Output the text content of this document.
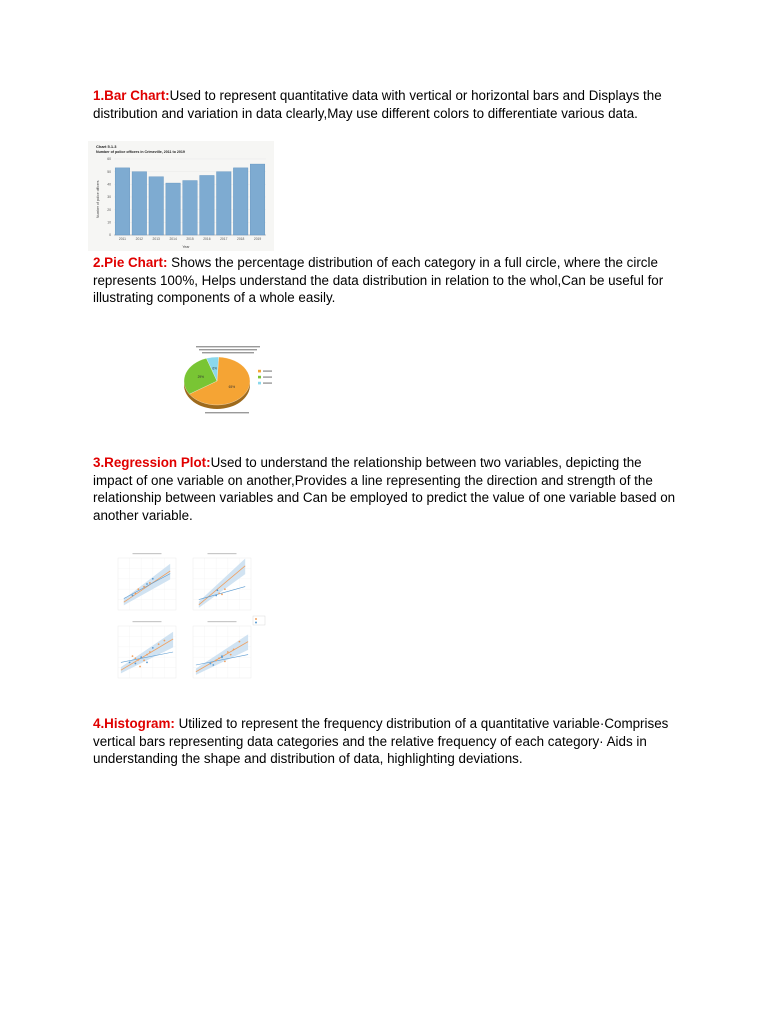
1.Bar Chart:Used to represent quantitative data with vertical or horizontal bars and Displays the distribution and variation in data clearly,May use different colors to differentiate various data.
Chart 5.1.3
Number of police officers in Crimeville, 2011 to 2019
Number of police officers
0
10
20
30
40
50
60
2011	2012	2013	2014	2015	2016	2017	2018	2019
Year
2.Pie Chart: Shows the percentage distribution of each category in a full circle, where the circle represents 100%, Helps understand the data distribution in relation to the whol,Can be useful for illustrating components of a whole easily.
65%
29%
6%
3.Regression Plot:Used to understand the relationship between two variables, depicting the impact of one variable on another,Provides a line representing the direction and strength of the relationship between variables and Can be employed to predict the value of one variable based on another variable.
4.Histogram: Utilized to represent the frequency distribution of a quantitative variable·Comprises vertical bars representing data categories and the relative frequency of each category· Aids in understanding the shape and distribution of data, highlighting deviations.
